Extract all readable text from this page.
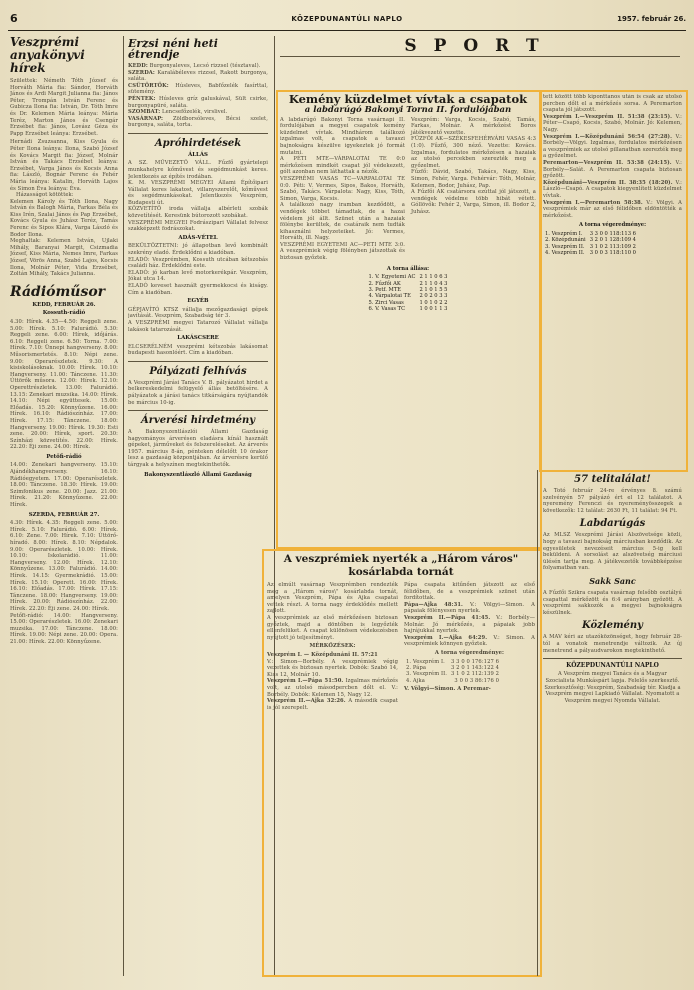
6	KÖZEPDUNANTÚLI NAPLO	1957. február 26.
Veszprémi anyakönyvi hírek
Születtek: Németh Tóth József és Horváth Mária fia: Sándor, Horváth János és Ardi Margit Julianna fia: János Péter, Trompán István Ferenc és Gubicza Ilona fia: István, Dr. Tóth Imre és Dr. Kelemen Mária leánya: Mária Teréz, Marton János és Csengár Erzsébet fia: János, Lovász Géza és Papp Erzsébet leánya: Erzsébet.
Hernádi Zsuzsanna, Kiss Gyula és Péter Ilona leánya: Ilona, Szabó József és Kovács Margit fia: József, Molnár István és Takács Erzsébet leánya: Erzsébet, Varga János és Kocsis Anna fia: László, Bognár Ferenc és Fehér Mária leánya: Katalin, Horváth Lajos és Simon Éva leánya: Éva.
Házasságot kötöttek:
Kelemen Károly és Tóth Ilona, Nagy István és Balogh Mária, Farkas Béla és Kiss Irén, Szalai János és Pap Erzsébet, Kovács Gyula és Juhász Teréz, Tamás Ferenc és Sipos Klára, Varga László és Bodor Ilona.
Meghaltak: Kelemen István, Ujlaki Mihály, Baranyai Margit, Csizmadia József, Kiss Mária, Nemes Imre, Farkas József, Vörös Anna, Szabó Lajos, Kocsis Ilona, Molnár Péter, Vida Erzsébet, Zoltán Mihály, Takács Julianna.
Rádióműsor
KEDD, FEBRUÁR 26.
Kossuth-rádió
4.30: Hírek. 4.35—4.50: Reggeli zene. 5.00: Hírek. 5.10: Falurádió. 5.30: Reggeli zene. 6.00: Hírek, időjárás. 6.10: Reggeli zene. 6.50: Torna. 7.00: Hírek. 7.10: Ünnepi hangverseny. 8.00: Műsorismertetés. 8.10: Népi zene. 9.00: Operarészletek. 9.30: A kisiskolásoknak. 10.00: Hírek. 10.10: Hangverseny. 11.00: Tánczene. 11.30: Úttörők műsora. 12.00: Hírek. 12.10: Operettrészletek. 13.00: Falurádió. 13.15: Zenekari muzsika. 14.00: Hírek. 14.10: Népi együttesek. 15.00: Előadás. 15.20: Könnyűzene. 16.00: Hírek. 16.10: Rádiószínház. 17.00: Hírek. 17.15: Tánczene. 18.00: Hangverseny. 19.00: Hírek. 19.30: Esti zene. 20.00: Hírek, sport. 20.30: Színházi közvetítés. 22.00: Hírek. 22.20: Éji zene. 24.00: Hírek.
Petőfi-rádió
14.00: Zenekari hangverseny. 15.10: Ajándékhangverseny. 16.10: Rádióegyetem. 17.00: Operarészletek. 18.00: Tánczene. 18.30: Hírek. 19.00: Szimfonikus zene. 20.00: Jazz. 21.00: Hírek. 21.20: Könnyűzene. 22.00: Hírek.
SZERDA, FEBRUÁR 27.
4.30: Hírek. 4.35: Reggeli zene. 5.00: Hírek. 5.10: Falurádió. 6.00: Hírek. 6.10: Zene. 7.00: Hírek. 7.10: Úttörő-híradó. 8.00: Hírek. 8.10: Népdalok. 9.00: Operarészletek. 10.00: Hírek. 10.10: Iskolarádió. 11.00: Hangverseny. 12.00: Hírek. 12.10: Könnyűzene. 13.00: Falurádió. 14.00: Hírek. 14.15: Gyermekrádió. 15.00: Hírek. 15.10: Operett. 16.00: Hírek. 16.10: Előadás. 17.00: Hírek. 17.15: Tánczene. 18.00: Hangverseny. 19.00: Hírek. 20.00: Rádiószínház. 22.00: Hírek. 22.20: Éji zene. 24.00: Hírek.
Petőfi-rádió: 14.00: Hangverseny. 15.00: Operarészletek. 16.00: Zenekari muzsika. 17.00: Tánczene. 18.00: Hírek. 19.00: Népi zene. 20.00: Opera. 21.00: Hírek. 22.00: Könnyűzene.
Erzsi néni heti étrendje
KEDD: Burgonyaleves, Lecsó rizzsel (tésztaval).
SZERDA: Karalábéleves rizzsel, Rakott burgonya, saláta.
CSÜTÖRTÖK: Húsleves, Babfőzelék fasírttal, sütemény.
PÉNTEK: Húsleves gríz galuskával, Sült csirke, burgonyapüré, saláta.
SZOMBAT: Lencsefőzelék, virslivel.
VASÁRNAP: Zöldborsóleves, Bécsi szelet, burgonya, saláta, torta.
Apróhirdetések
ÁLLÁS
A SZ. MŰVEZETŐ VÁLL. Fűzfő gyártelepi munkahelyre kőművest és segédmunkást keres. Jelentkezés az építés irodában.
K. M. VESZPRÉMI MEGYEI Állami Építőipari Vállalat keres lakatost, villanyszerelőt, kőművest és segédmunkásokat. Jelentkezés Veszprém, Budapesti út.
KÖZVETÍTŐ iroda vállalja albérleti szobák közvetítését. Keresünk bútorozott szobákat.
VESZPRÉMI MEGYEI Fodrászipari Vállalat felvesz szakképzett fodrászokat.
ADÁS-VÉTEL
BEKÜLTÖZTETNI: jó állapotban levő kombinált szekrény eladó. Érdeklődni a kiadóban.
ELADÓ: Veszprémben, Kossuth utcában kétszobás családi ház. Érdeklődni este.
ELADÓ: jó karban levő motorkerékpár. Veszprém, Jókai utca 14.
ELADÓ keveset használt gyermekkocsi és kiságy. Cím a kiadóban.
EGYÉB
GÉPJAVÍTÓ KTSZ vállalja mezőgazdasági gépek javítását. Veszprém, Szabadság tér 3.
A VESZPRÉMI megyei Tatarozó Vállalat vállalja lakások tatarozását.
LAKÁSCSERE
ELCSERÉLNÉM veszprémi kétszobás lakásomat budapesti hasonlóért. Cím a kiadóban.
Pályázati felhívás
A Veszprémi Járási Tanács V. B. pályázatot hirdet a belkereskedelmi felügyelő állás betöltésére. A pályázatok a járási tanács titkárságára nyújtandók be március 10-ig.
Árverési hirdetmény
A Bakonyszentlászlói Állami Gazdaság hagyományos árverésen eladásra kínál használt gépeket, járműveket és felszereléseket. Az árverés 1957. március 8-án, pénteken délelőtt 10 órakor lesz a gazdaság központjában. Az árverésre kerülő tárgyak a helyszínen megtekinthetők.
Bakonyszentlászló Állami Gazdaság
SPORT
Kemény küzdelmet vívtak a csapatok
a labdarúgó Bakonyi Torna II. fordulójában
A labdarúgó Bakonyi Torna vasárnapi II. fordulójában a megyei csapatok kemény küzdelmet vívtak. Mindhárom találkozó izgalmas volt, a csapatok a tavaszi bajnokságra készülve igyekeztek jó formát mutatni.
A PÉTI MTE—VÁRPALOTAI TE 0:0 mérkőzésen mindkét csapat jól védekezett, gólt azonban nem láthattak a nézők.
VESZPRÉMI VASAS TC—VARPALOTAI TE 0:0. Péti: V. Vermes, Sipos, Bakos, Horváth, Szabó, Takács. Várpalota: Nagy, Kiss, Tóth, Simon, Varga, Kocsis.
A találkozó nagy iramban kezdődött, a vendégek többet támadtak, de a hazai védelem jól állt. Szünet után a hazaiak fölénybe kerültek, de csatáraik nem tudták kihasználni helyzeteiket. Jó: Vermes, Horváth, ill. Nagy.
VESZPRÉMI EGYETEMI AC—PETI MTE 3:0. A veszprémiek végig fölényben játszottak és biztosan győztek.
Veszprém: Varga, Kocsis, Szabó, Tamás, Farkas, Molnár. A mérkőzést Boros játékvezető vezette.
FŰZFŐI AK—SZÉKESFEHÉRVÁRI VASAS 4:3 (1:0). Fűzfő, 300 néző. Vezette: Kovács. Izgalmas, fordulatos mérkőzésen a hazaiak az utolsó percekben szerezték meg a győzelmet.
Fűzfő: Dávid, Szabó, Takács, Nagy, Kiss, Simon, Fehér, Varga. Fehérvár: Tóth, Molnár, Kelemen, Bodor, Juhász, Pap.
A Fűzfői AK csatársora ezúttal jól játszott, a vendégek védelme több hibát vétett. Góllövők: Fehér 2, Varga, Simon, ill. Bodor 2, Juhász.
A torna állása:
1. V. Egyetemi AC	2 1 1 0 6 3
2. Fűzfői AK	2 1 1 0 4 3
3. Petf. MTE	2 1 0 1 5 5
4. Várpalotai TE	2 0 2 0 3 3
5. Zirci Vasas	1 0 1 0 2 2
6. V. Vasas TC	1 0 0 1 1 3
tett között több kiponttanos után is csak az utolsó percben dőlt el a mérkőzés sorsa. A Peremarton csapata jól játszott.
Veszprém I.—Veszprém II. 51:38 (23:15). V.: Péter—Csapó, Kocsis, Szabó, Molnár. Jó: Kelemen, Nagy.
Veszprém I.—Középdunáni 56:54 (27:28). V.: Borbély—Völgyi. Izgalmas, fordulatos mérkőzésen a veszprémiek az utolsó pillanatban szerezték meg a győzelmet.
Peremarton—Veszprém II. 53:38 (24:15). V.: Borbély—Salát. A Peremarton csapata biztosan győzött.
Középdunáni—Veszprém II. 38:35 (18:20). V.: László—Csapó. A csapatok kiegyenlített küzdelmet vívtak.
Veszprém I.—Peremarton 58:38. V.: Völgyi. A veszprémiek már az első félidőben eldöntötték a mérkőzést.
A torna végeredménye:
1. Veszprém I.	3 3 0 0 118:113 6
2. Középdunáni	3 2 0 1 128:109 4
3. Veszprém II.	3 1 0 2 113:109 2
4. Veszprém II.	3 0 0 3 118:110 0
57 telitalálat!
A Totó február 24-re érvényes 8. számú szelvényén 57 pályázó ért el 12 találatot. A nyeremény Ferenczi és nyereményösszegek a következők: 12 találat: 2630 Ft, 11 találat: 94 Ft.
Labdarúgás
Az MLSZ Veszprémi Járási Alszövetsége közli, hogy a tavaszi bajnokság márciusban kezdődik. Az egyesületek nevezéseit március 5-ig kell beküldeni. A sorsolást az alszövetség márciusi ülésén tartja meg. A játékvezetők továbbképzése folyamatban van.
Sakk Sanc
A Fűzfői Szikra csapata vasárnap felsőbb osztályú csapattal mérkőzött és 6:4 arányban győzött. A veszprémi sakkozók a megyei bajnokságra készülnek.
Közlemény
A MAV kéri az utazóközönséget, hogy február 28-tól a vonatok menetrendje változik. Az új menetrend a pályaudvarokon megtekinthető.
KÖZEPDUNANTÚLI NAPLO
A Veszprém megyei Tanács és a Magyar Szocialista Munkáspárt lapja. Felelős szerkesztő. Szerkesztőség: Veszprém, Szabadság tér. Kiadja a Veszprém megyei Lapkiadó Vállalat. Nyomatott a Veszprém megyei Nyomda Vállalat.
A veszprémiek nyerték a „Három város" kosárlabda tornát
Az elmúlt vasárnap Veszprémben rendezték meg a „Három város\" kosárlabda tornát, amelyen Veszprém, Pápa és Ajka csapatai vettek részt. A torna nagy érdeklődés mellett zajlott.
A veszprémiek az első mérkőzésen biztosan győztek, majd a döntőben is legyőzték ellenfelüket. A csapat különösen védekezésben nyújtott jó teljesítményt.
MÉRKŐZÉSEK:
Veszprém I. — Középdunáni II. 57:21
V.: Simon—Borbély. A veszprémiek végig vezettek és biztosan nyertek. Dobók: Szabó 14, Kiss 12, Molnár 10.
Veszprém I.—Pápa 51:50. Izgalmas mérkőzés volt, az utolsó másodpercben dőlt el. V.: Borbély. Dobók: Kelemen 15, Nagy 12.
Veszprém II.—Ajka 32:26. A második csapat is jól szerepelt.
Pápa csapata kitűnően játszott az első félidőben, de a veszprémiek szünet után fordítottak.
Pápa—Ajka 48:31. V.: Völgyi—Simon. A pápaiak fölényesen nyertek.
Veszprém II.—Pápa 41:45. V.: Borbély—Molnár. Jó mérkőzés, a pápaiak jobb hajrájukkal nyertek.
Veszprém I.—Ajka 64:29. V.: Simon. A veszprémiek könnyen győztek.
A torna végeredménye:
1. Veszprém I.	3 3 0 0 176:127 6
2. Pápa	3 2 0 1 143:122 4
3. Veszprém II.	3 1 0 2 112:139 2
4. Ajka	3 0 0 3 86:176 0
V. Völgyi—Simon. A Peremar-
